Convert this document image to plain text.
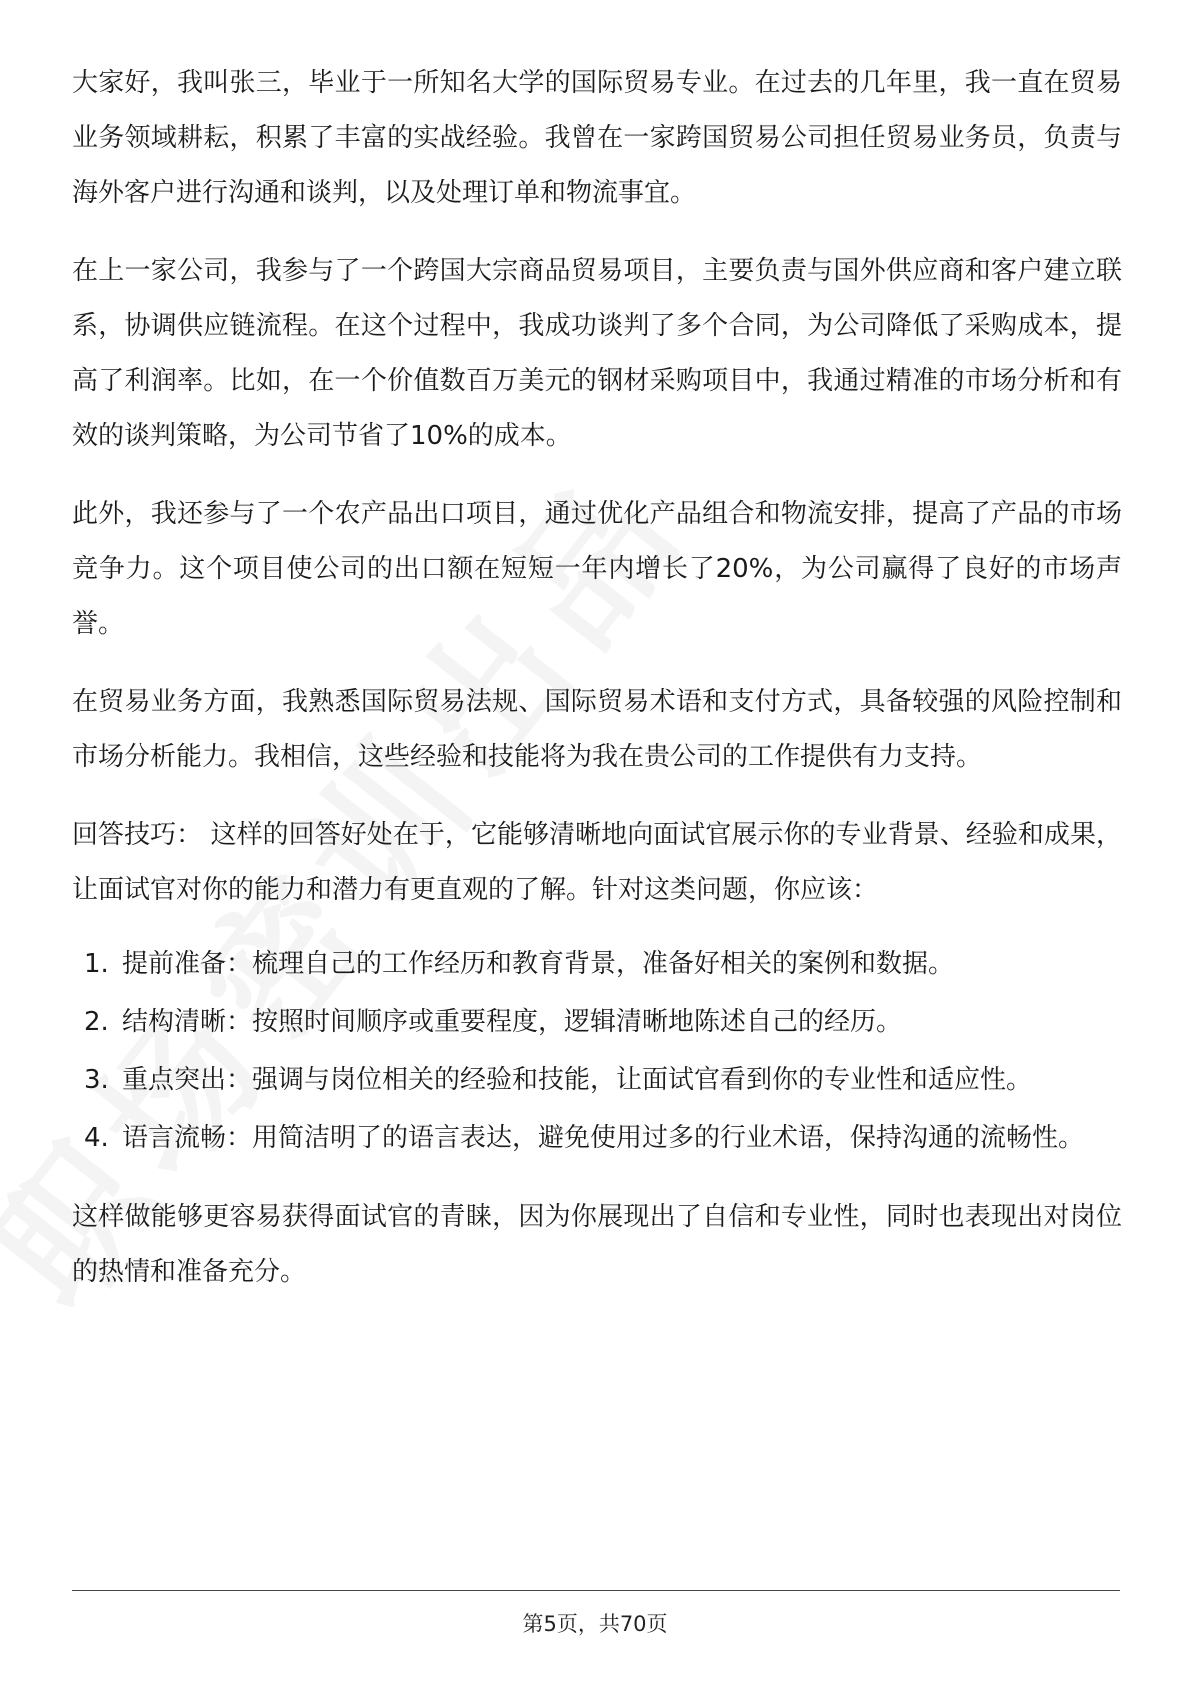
大家好，我叫张三，毕业于一所知名大学的国际贸易专业。在过去的几年里，我一直在贸易业务领域耕耘，积累了丰富的实战经验。我曾在一家跨国贸易公司担任贸易业务员，负责与海外客户进行沟通和谈判，以及处理订单和物流事宜。

在上一家公司，我参与了一个跨国大宗商品贸易项目，主要负责与国外供应商和客户建立联系，协调供应链流程。在这个过程中，我成功谈判了多个合同，为公司降低了采购成本，提高了利润率。比如，在一个价值数百万美元的钢材采购项目中，我通过精准的市场分析和有效的谈判策略，为公司节省了10%的成本。

此外，我还参与了一个农产品出口项目，通过优化产品组合和物流安排，提高了产品的市场竞争力。这个项目使公司的出口额在短短一年内增长了20%，为公司赢得了良好的市场声誉。

在贸易业务方面，我熟悉国际贸易法规、国际贸易术语和支付方式，具备较强的风险控制和市场分析能力。我相信，这些经验和技能将为我在贵公司的工作提供有力支持。

回答技巧： 这样的回答好处在于，它能够清晰地向面试官展示你的专业背景、经验和成果，让面试官对你的能力和潜力有更直观的了解。针对这类问题，你应该：

1. 提前准备：梳理自己的工作经历和教育背景，准备好相关的案例和数据。
2. 结构清晰：按照时间顺序或重要程度，逻辑清晰地陈述自己的经历。
3. 重点突出：强调与岗位相关的经验和技能，让面试官看到你的专业性和适应性。
4. 语言流畅：用简洁明了的语言表达，避免使用过多的行业术语，保持沟通的流畅性。

这样做能够更容易获得面试官的青睐，因为你展现出了自信和专业性，同时也表现出对岗位的热情和准备充分。

第5页，共70页
